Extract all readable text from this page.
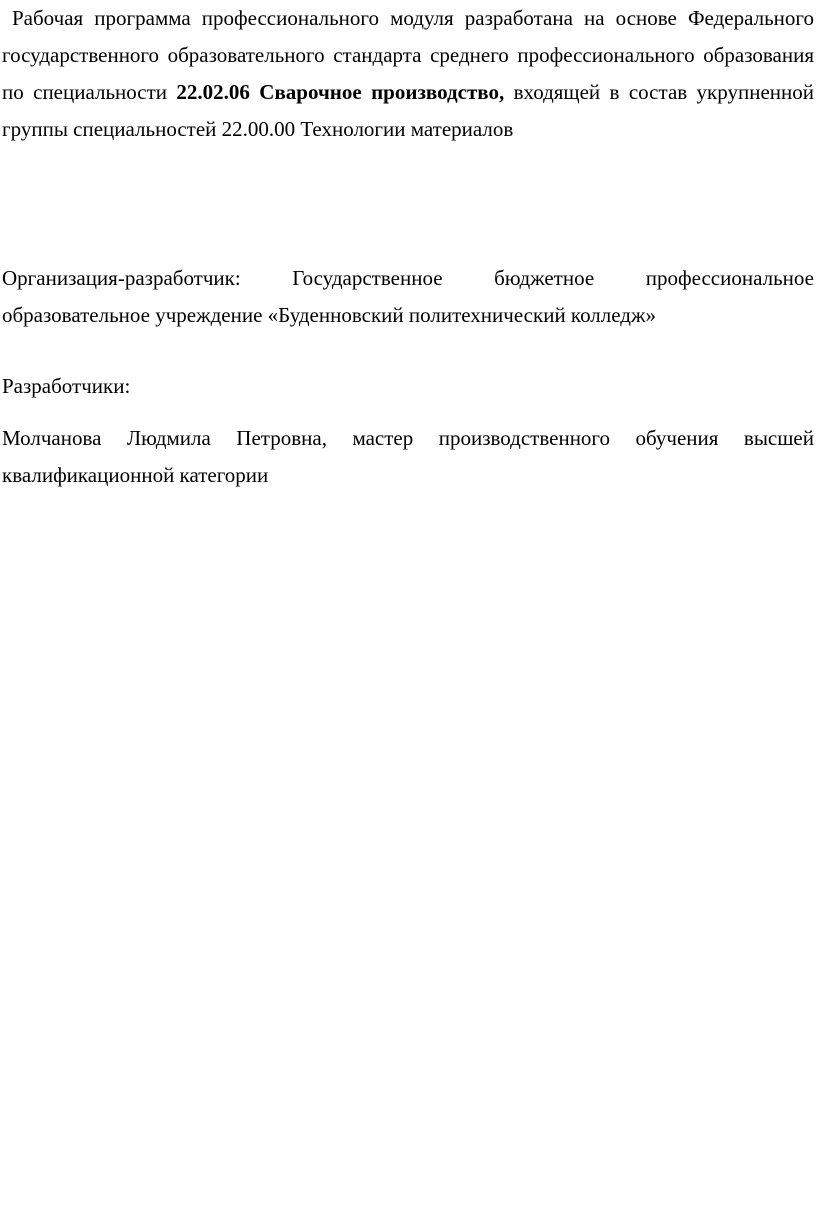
Рабочая программа профессионального модуля разработана на основе Федерального государственного образовательного стандарта среднего профессионального образования по специальности 22.02.06 Сварочное производство, входящей в состав укрупненной группы специальностей 22.00.00 Технологии материалов

Организация-разработчик: Государственное бюджетное профессиональное образовательное учреждение «Буденновский политехнический колледж»

Разработчики:

Молчанова Людмила Петровна, мастер производственного обучения высшей квалификационной категории
